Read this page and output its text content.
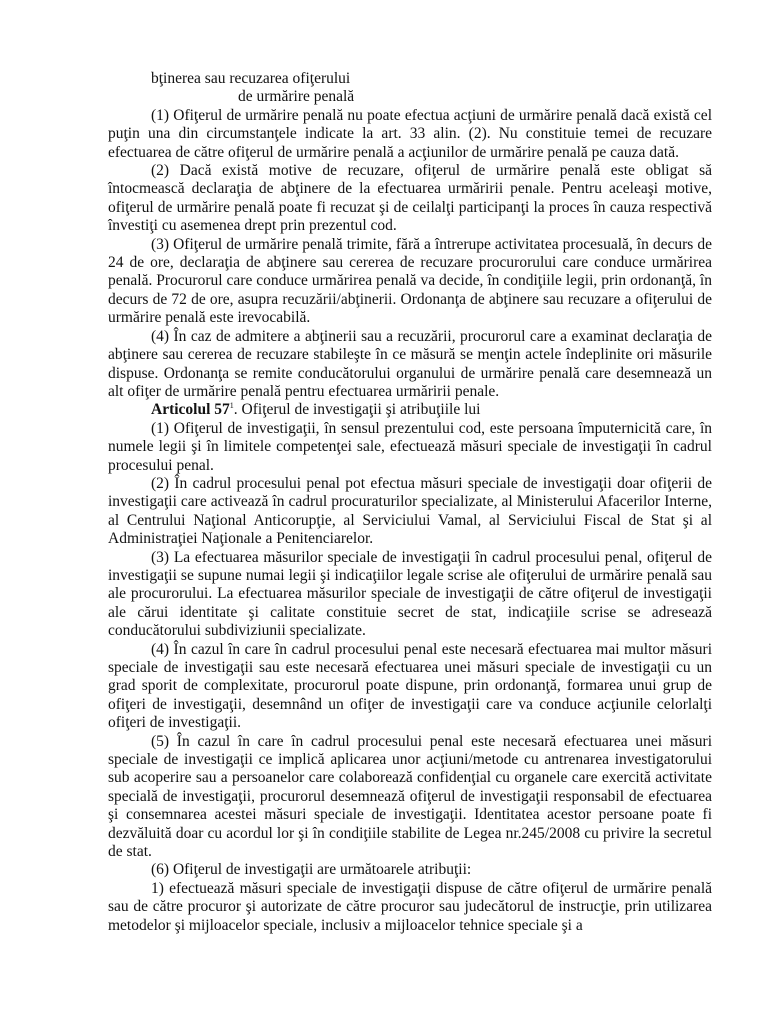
bţinerea sau recuzarea ofiţerului

de urmărire penală

(1) Ofiţerul de urmărire penală nu poate efectua acţiuni de urmărire penală dacă există cel puţin una din circumstanţele indicate la art. 33 alin. (2). Nu constituie temei de recuzare efectuarea de către ofiţerul de urmărire penală a acţiunilor de urmărire penală pe cauza dată.

(2) Dacă există motive de recuzare, ofiţerul de urmărire penală este obligat să întocmească declaraţia de abţinere de la efectuarea urmăririi penale. Pentru aceleaşi motive, ofiţerul de urmărire penală poate fi recuzat şi de ceilalţi participanţi la proces în cauza respectivă învestiţi cu asemenea drept prin prezentul cod.

(3) Ofiţerul de urmărire penală trimite, fără a întrerupe activitatea procesuală, în decurs de 24 de ore, declaraţia de abţinere sau cererea de recuzare procurorului care conduce urmărirea penală. Procurorul care conduce urmărirea penală va decide, în condiţiile legii, prin ordonanţă, în decurs de 72 de ore, asupra recuzării/abţinerii. Ordonanţa de abţinere sau recuzare a ofiţerului de urmărire penală este irevocabilă.

(4) În caz de admitere a abţinerii sau a recuzării, procurorul care a examinat declaraţia de abţinere sau cererea de recuzare stabileşte în ce măsură se menţin actele îndeplinite ori măsurile dispuse. Ordonanţa se remite conducătorului organului de urmărire penală care desemnează un alt ofiţer de urmărire penală pentru efectuarea urmăririi penale.

Articolul $57^1$. Ofiţerul de investigaţii şi atribuţiile lui

(1) Ofiţerul de investigaţii, în sensul prezentului cod, este persoana împuternicită care, în numele legii şi în limitele competenţei sale, efectuează măsuri speciale de investigaţii în cadrul procesului penal.

(2) În cadrul procesului penal pot efectua măsuri speciale de investigaţii doar ofiţerii de investigaţii care activează în cadrul procuraturilor specializate, al Ministerului Afacerilor Interne, al Centrului Naţional Anticorupţie, al Serviciului Vamal, al Serviciului Fiscal de Stat şi al Administraţiei Naţionale a Penitenciarelor.

(3) La efectuarea măsurilor speciale de investigaţii în cadrul procesului penal, ofiţerul de investigaţii se supune numai legii şi indicaţiilor legale scrise ale ofiţerului de urmărire penală sau ale procurorului. La efectuarea măsurilor speciale de investigaţii de către ofiţerul de investigaţii ale cărui identitate şi calitate constituie secret de stat, indicaţiile scrise se adresează conducătorului subdiviziunii specializate.

(4) În cazul în care în cadrul procesului penal este necesară efectuarea mai multor măsuri speciale de investigaţii sau este necesară efectuarea unei măsuri speciale de investigaţii cu un grad sporit de complexitate, procurorul poate dispune, prin ordonanţă, formarea unui grup de ofiţeri de investigaţii, desemnând un ofiţer de investigaţii care va conduce acţiunile celorlalţi ofiţeri de investigaţii.

(5) În cazul în care în cadrul procesului penal este necesară efectuarea unei măsuri speciale de investigaţii ce implică aplicarea unor acţiuni/metode cu antrenarea investigatorului sub acoperire sau a persoanelor care colaborează confidenţial cu organele care exercită activitate specială de investigaţii, procurorul desemnează ofiţerul de investigaţii responsabil de efectuarea şi consemnarea acestei măsuri speciale de investigaţii. Identitatea acestor persoane poate fi dezvăluită doar cu acordul lor şi în condiţiile stabilite de Legea nr.245/2008 cu privire la secretul de stat.

(6) Ofiţerul de investigaţii are următoarele atribuţii:

1) efectuează măsuri speciale de investigaţii dispuse de către ofiţerul de urmărire penală sau de către procuror şi autorizate de către procuror sau judecătorul de instrucţie, prin utilizarea metodelor şi mijloacelor speciale, inclusiv a mijloacelor tehnice speciale şi a
